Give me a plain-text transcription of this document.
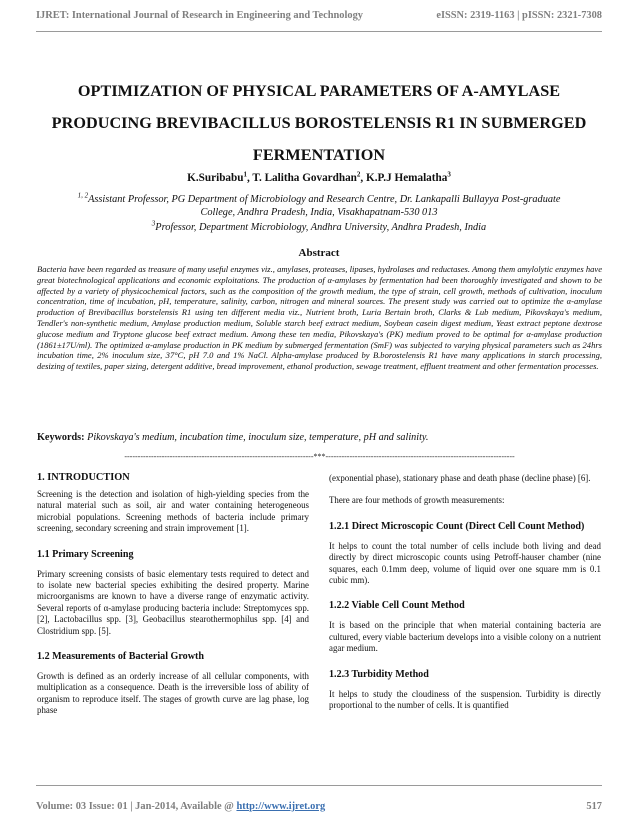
IJRET: International Journal of Research in Engineering and Technology	eISSN: 2319-1163 | pISSN: 2321-7308
OPTIMIZATION OF PHYSICAL PARAMETERS OF A-AMYLASE
PRODUCING BREVIBACILLUS BOROSTELENSIS R1 IN SUBMERGED
FERMENTATION
K.Suribabu$^1$, T. Lalitha Govardhan$^2$, K.P.J Hemalatha$^3$
$^{1, 2}$Assistant Professor, PG Department of Microbiology and Research Centre, Dr. Lankapalli Bullayya Post-graduate
College, Andhra Pradesh, India, Visakhapatnam-530 013
$^3$Professor, Department Microbiology, Andhra University, Andhra Pradesh, India
Abstract
Bacteria have been regarded as treasure of many useful enzymes viz., amylases, proteases, lipases, hydrolases and reductases. Among them amylolytic enzymes have great biotechnological applications and economic exploitations. The production of α-amylases by fermentation had been thoroughly investigated and shown to be affected by a variety of physicochemical factors, such as the composition of the growth medium, the type of strain, cell growth, methods of cultivation, inoculum concentration, time of incubation, pH, temperature, salinity, carbon, nitrogen and mineral sources. The present study was carried out to optimize the α-amylase production of Brevibacillus borstelensis R1 using ten different media viz., Nutrient broth, Luria Bertain broth, Clarks & Lub medium, Pikovskaya's medium, Tendler's non-synthetic medium, Amylase production medium, Soluble starch beef extract medium, Soybean casein digest medium, Yeast extract peptone dextrose glucose medium and Tryptone glucose beef extract medium. Among these ten media, Pikovskaya's (PK) medium proved to be optimal for α-amylase production (1861±17U/ml). The optimized α-amylase production in PK medium by submerged fermentation (SmF) was subjected to varying physical parameters such as 24hrs incubation time, 2% inoculum size, 37°C, pH 7.0 and 1% NaCl. Alpha-amylase produced by B.borostelensis R1 have many applications in starch processing, desizing of textiles, paper sizing, detergent additive, bread improvement, ethanol production, sewage treatment, effluent treatment and other fermentation processes.
Keywords: Pikovskaya's medium, incubation time, inoculum size, temperature, pH and salinity.
-----------------------------------------------------------------------***-----------------------------------------------------------------------
1. INTRODUCTION

Screening is the detection and isolation of high-yielding species from the natural material such as soil, air and water containing heterogeneous microbial populations. Screening methods of bacteria include primary screening, secondary screening and strain improvement [1].

1.1 Primary Screening

Primary screening consists of basic elementary tests required to detect and to isolate new bacterial species exhibiting the desired property. Marine microorganisms are known to have a diverse range of enzymatic activity. Several reports of α-amylase producing bacteria include: Streptomyces spp. [2], Lactobacillus spp. [3], Geobacillus stearothermophilus spp. [4] and Clostridium spp. [5].

1.2 Measurements of Bacterial Growth

Growth is defined as an orderly increase of all cellular components, with multiplication as a consequence. Death is the irreversible loss of ability of organism to reproduce itself. The stages of growth curve are lag phase, log phase

(exponential phase), stationary phase and death phase (decline phase) [6].

There are four methods of growth measurements:

1.2.1 Direct Microscopic Count (Direct Cell Count Method)

It helps to count the total number of cells include both living and dead directly by direct microscopic counts using Petroff-hauser chamber (nine squares, each 0.1mm deep, volume of liquid over one square mm is 0.1 cubic mm).

1.2.2 Viable Cell Count Method

It is based on the principle that when material containing bacteria are cultured, every viable bacterium develops into a visible colony on a nutrient agar medium.

1.2.3 Turbidity Method

It helps to study the cloudiness of the suspension. Turbidity is directly proportional to the number of cells. It is quantified

Volume: 03 Issue: 01 | Jan-2014, Available @ http://www.ijret.org	517
